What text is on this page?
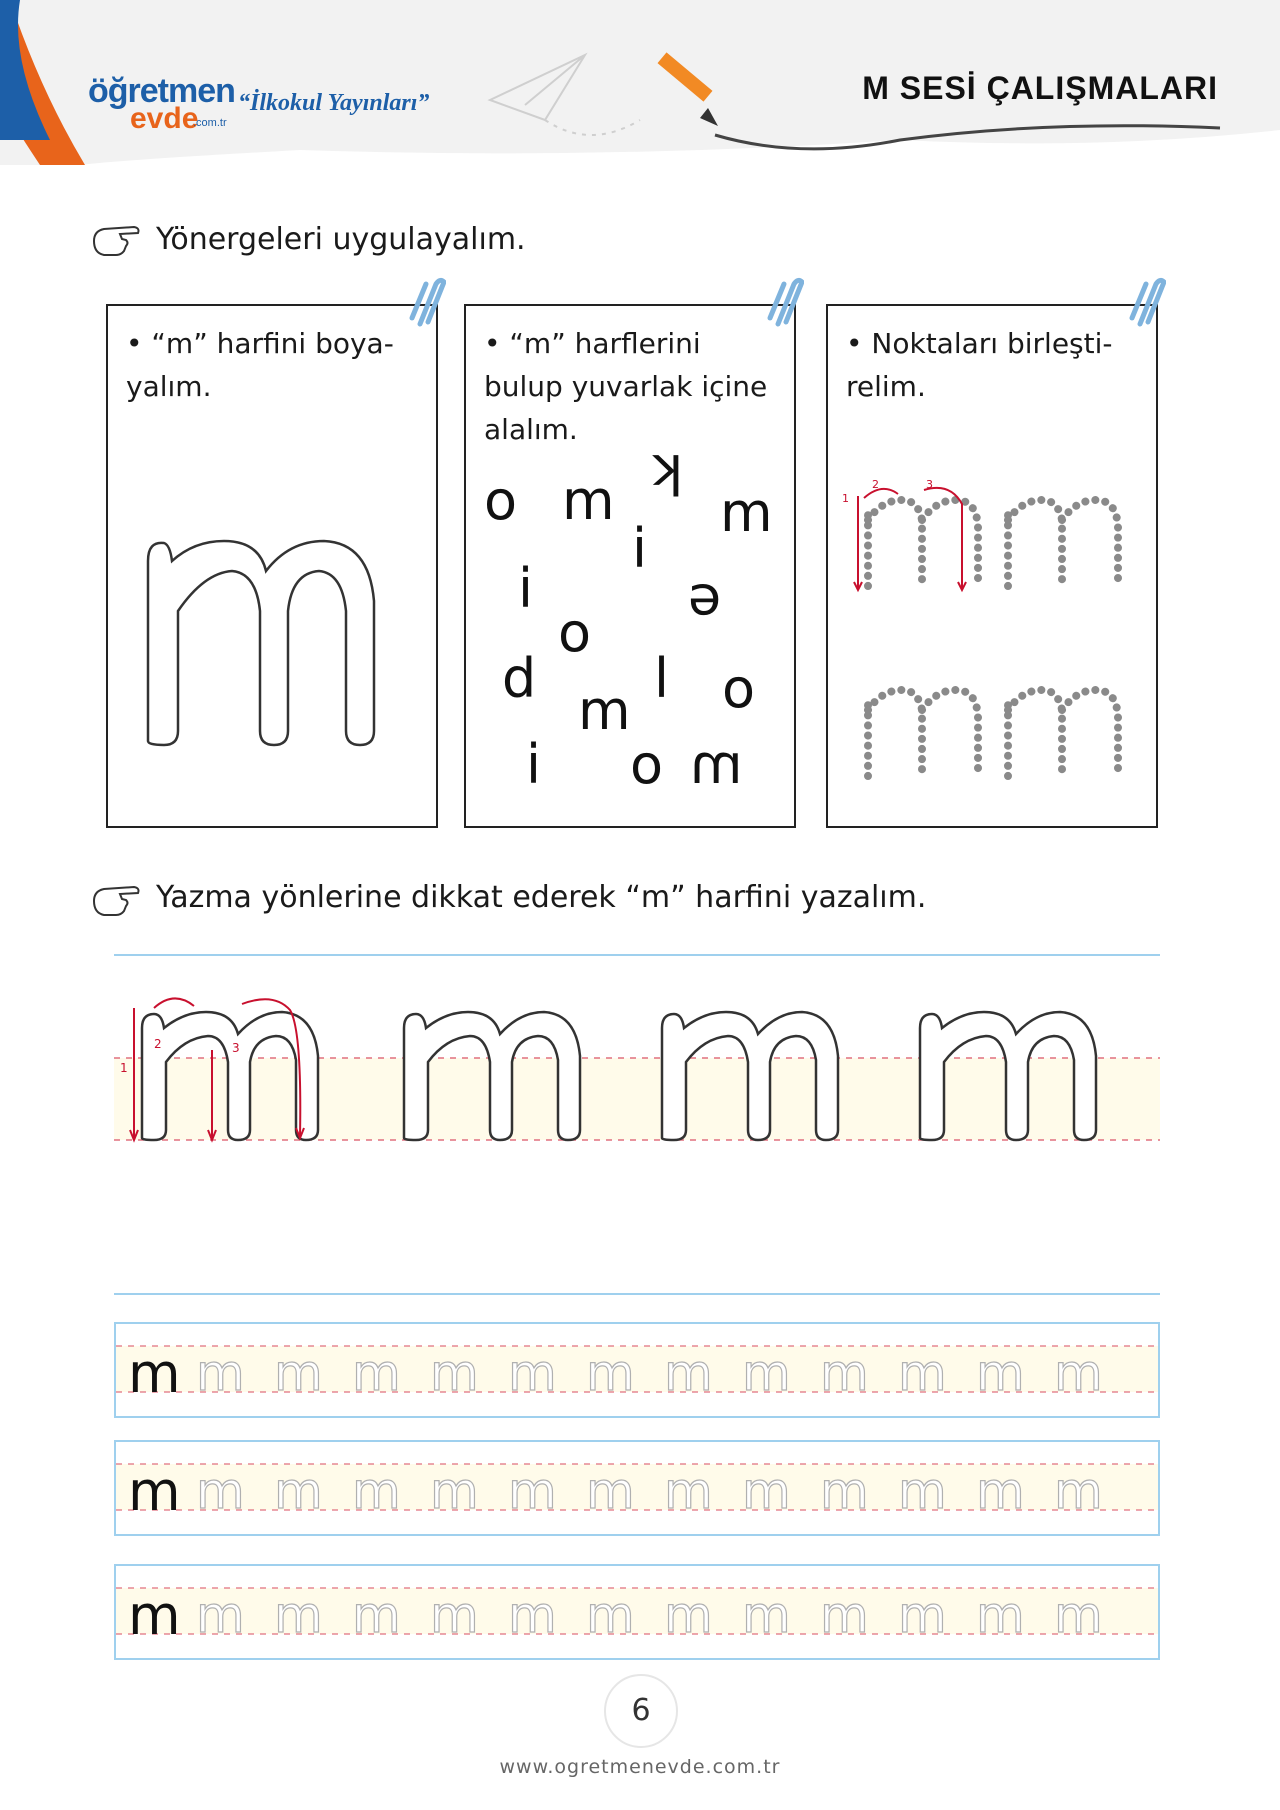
öğretmen
evde
.com.tr
“İlkokul Yayınları”	M SESİ ÇALIŞMALARI
Yönergeleri uygulayalım.
• “m” harfini boya-
yalım.
• “m” harflerini
bulup yuvarlak içine
alalım.
o m k
m
i
i
o e
p l o
m
i o m
• Noktaları birleşti-
relim.
1
2	3
Yazma yönlerine dikkat ederek “m” harfini yazalım.
1
2	3
m m m m m m m m m m m m m
m m m m m m m m m m m m m
m m m m m m m m m m m m m
6
www.ogretmenevde.com.tr
